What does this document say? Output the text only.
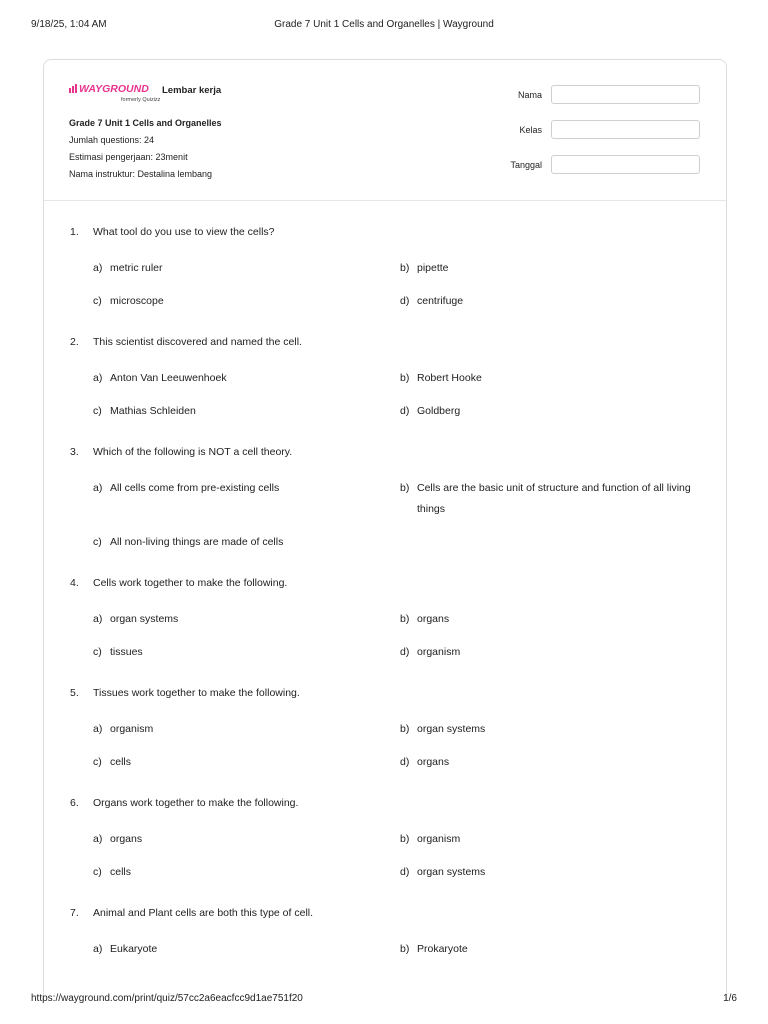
9/18/25, 1:04 AM	Grade 7 Unit 1 Cells and Organelles | Wayground
WAYGROUND
formerly Quizizz
Lembar kerja
Grade 7 Unit 1 Cells and Organelles
Jumlah questions: 24
Estimasi pengerjaan: 23menit
Nama instruktur: Destalina lembang
Nama
Kelas
Tanggal
1. What tool do you use to view the cells?
a) metric ruler	b) pipette
c) microscope	d) centrifuge
2. This scientist discovered and named the cell.
a) Anton Van Leeuwenhoek	b) Robert Hooke
c) Mathias Schleiden	d) Goldberg
3. Which of the following is NOT a cell theory.
a) All cells come from pre-existing cells	b) Cells are the basic unit of structure and function of all living things
c) All non-living things are made of cells
4. Cells work together to make the following.
a) organ systems	b) organs
c) tissues	d) organism
5. Tissues work together to make the following.
a) organism	b) organ systems
c) cells	d) organs
6. Organs work together to make the following.
a) organs	b) organism
c) cells	d) organ systems
7. Animal and Plant cells are both this type of cell.
a) Eukaryote	b) Prokaryote
https://wayground.com/print/quiz/57cc2a6eacfcc9d1ae751f20	1/6
